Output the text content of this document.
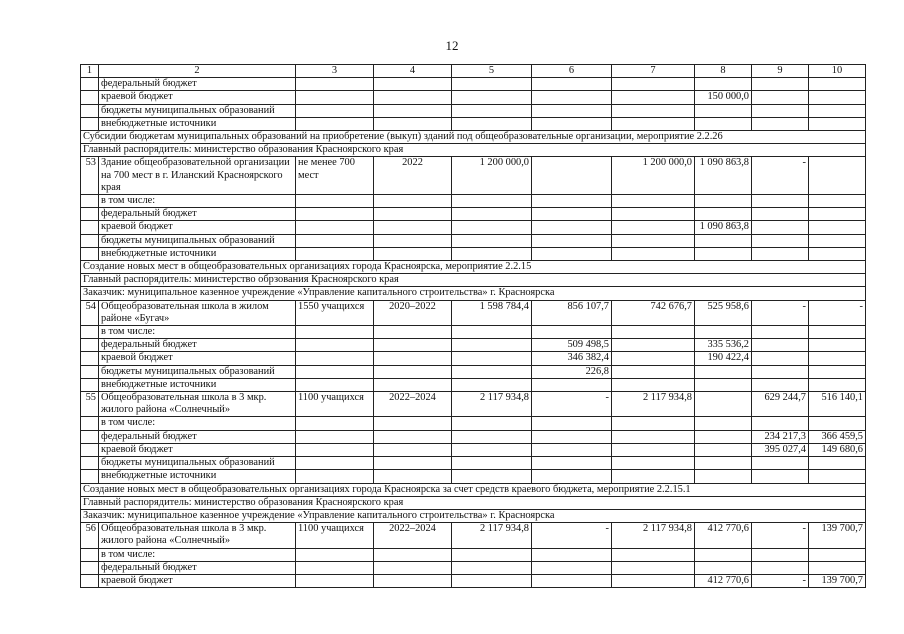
12
1	2	3	4	5	6	7	8	9	10
	федеральный бюджет								
	краевой бюджет						150 000,0		
	бюджеты муниципальных образований								
	внебюджетные источники								
Субсидии бюджетам муниципальных образований на приобретение (выкуп) зданий под общеобразовательные организации, мероприятие 2.2.26									
Главный распорядитель: министерство образования Красноярского края									
53	Здание общеобразовательной организации на 700 мест в г. Иланский Красноярского края	не менее 700 мест	2022	1 200 000,0		1 200 000,0	1 090 863,8	-	
	в том числе:								
	федеральный бюджет								
	краевой бюджет						1 090 863,8		
	бюджеты муниципальных образований								
	внебюджетные источники								
Создание новых мест в общеобразовательных организациях города Красноярска, мероприятие 2.2.15									
Главный распорядитель: министерство обрзования Красноярского края									
Заказчик: муниципальное казенное учреждение «Управление капитального строительства» г. Красноярска									
54	Общеобразовательная школа в жилом районе «Бугач»	1550 учащихся	2020–2022	1 598 784,4	856 107,7	742 676,7	525 958,6	-	-
	в том числе:								
	федеральный бюджет				509 498,5		335 536,2		
	краевой бюджет				346 382,4		190 422,4		
	бюджеты муниципальных образований				226,8				
	внебюджетные источники								
55	Общеобразовательная школа в 3 мкр. жилого района «Солнечный»	1100 учащихся	2022–2024	2 117 934,8	-	2 117 934,8		629 244,7	516 140,1
	в том числе:								
	федеральный бюджет							234 217,3	366 459,5
	краевой бюджет							395 027,4	149 680,6
	бюджеты муниципальных образований								
	внебюджетные источники								
Создание новых мест в общеобразовательных организациях города Красноярска за счет средств краевого бюджета, мероприятие 2.2.15.1									
Главный распорядитель: министерство образования Красноярского края									
Заказчик: муниципальное казенное учреждение «Управление капитального строительства» г. Красноярска									
56	Общеобразовательная школа в 3 мкр. жилого района «Солнечный»	1100 учащихся	2022–2024	2 117 934,8	-	2 117 934,8	412 770,6	-	139 700,7
	в том числе:								
	федеральный бюджет								
	краевой бюджет						412 770,6	-	139 700,7
